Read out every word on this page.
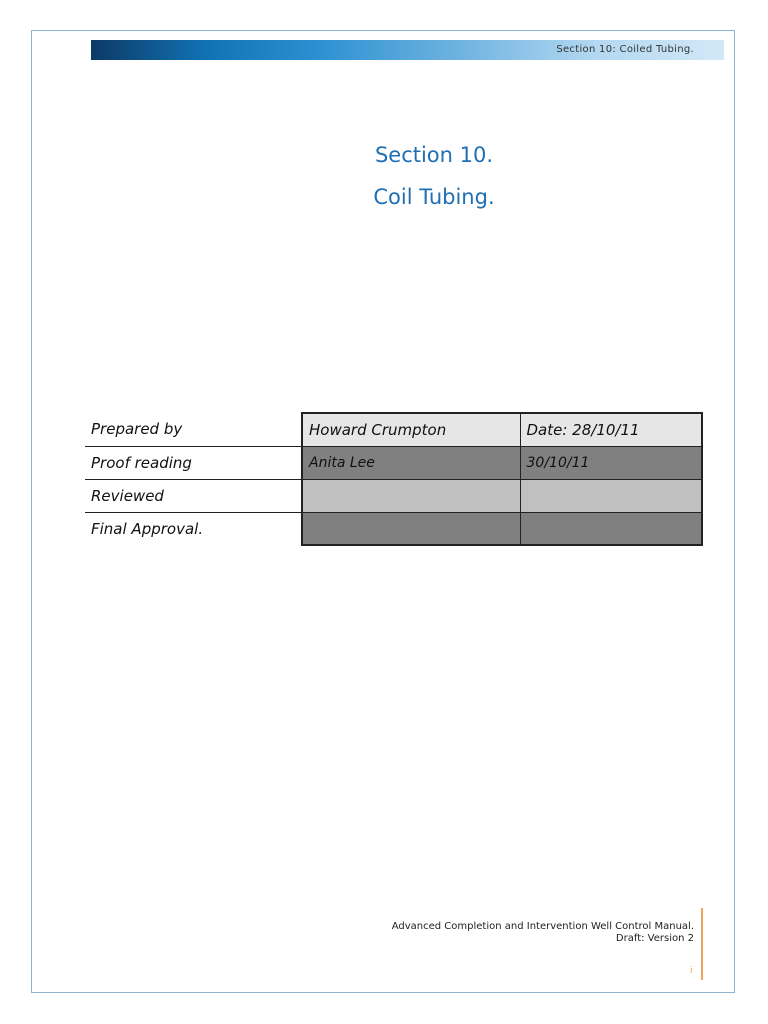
Section 10: Coiled Tubing.
Section 10.
Coil Tubing.
Prepared by	Howard Crumpton	Date: 28/10/11
Proof reading	Anita Lee	30/10/11
Reviewed		
Final Approval.		
Advanced Completion and Intervention Well Control Manual.
Draft: Version 2
i
